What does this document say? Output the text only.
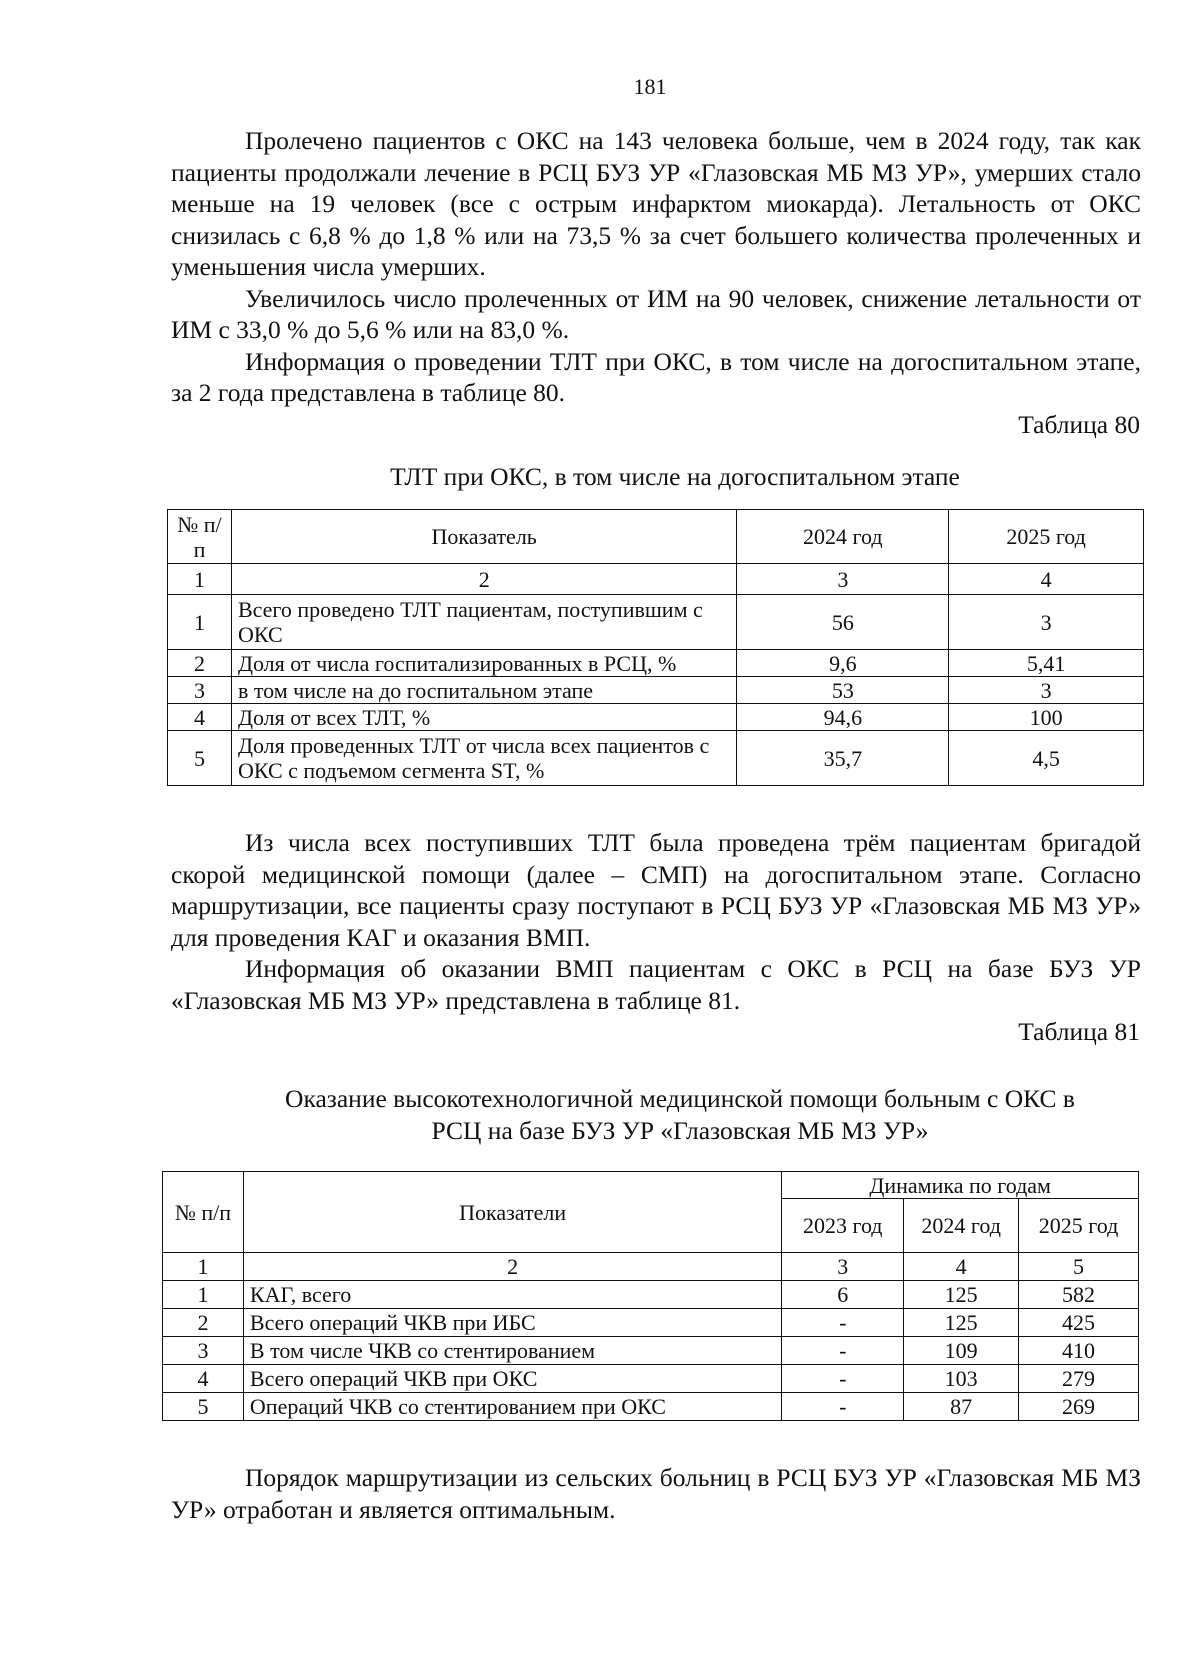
181

Пролечено пациентов с ОКС на 143 человека больше, чем в 2024 году, так как пациенты продолжали лечение в РСЦ БУЗ УР «Глазовская МБ МЗ УР», умерших стало меньше на 19 человек (все с острым инфарктом миокарда). Летальность от ОКС снизилась с 6,8 % до 1,8 % или на 73,5 % за счет большего количества пролеченных и уменьшения числа умерших.

Увеличилось число пролеченных от ИМ на 90 человек, снижение летальности от ИМ с 33,0 % до 5,6 % или на 83,0 %.

Информация о проведении ТЛТ при ОКС, в том числе на догоспитальном этапе, за 2 года представлена в таблице 80.

Таблица 80
ТЛТ при ОКС, в том числе на догоспитальном этапе
№ п/п	Показатель	2024 год	2025 год
1	2	3	4
1	Всего проведено ТЛТ пациентам, поступившим с ОКС	56	3
2	Доля от числа госпитализированных в РСЦ, %	9,6	5,41
3	в том числе на до госпитальном этапе	53	3
4	Доля от всех ТЛТ, %	94,6	100
5	Доля проведенных ТЛТ от числа всех пациентов с ОКС с подъемом сегмента ST, %	35,7	4,5

Из числа всех поступивших ТЛТ была проведена трём пациентам бригадой скорой медицинской помощи (далее – СМП) на догоспитальном этапе. Согласно маршрутизации, все пациенты сразу поступают в РСЦ БУЗ УР «Глазовская МБ МЗ УР» для проведения КАГ и оказания ВМП.

Информация об оказании ВМП пациентам с ОКС в РСЦ на базе БУЗ УР «Глазовская МБ МЗ УР» представлена в таблице 81.

Таблица 81
Оказание высокотехнологичной медицинской помощи больным с ОКС в
РСЦ на базе БУЗ УР «Глазовская МБ МЗ УР»
№ п/п	Показатели	Динамика по годам		
		2023 год	2024 год	2025 год
1	2	3	4	5
1	КАГ, всего	6	125	582
2	Всего операций ЧКВ при ИБС	-	125	425
3	В том числе ЧКВ со стентированием	-	109	410
4	Всего операций ЧКВ при ОКС	-	103	279
5	Операций ЧКВ со стентированием при ОКС	-	87	269

Порядок маршрутизации из сельских больниц в РСЦ БУЗ УР «Глазовская МБ МЗ УР» отработан и является оптимальным.
